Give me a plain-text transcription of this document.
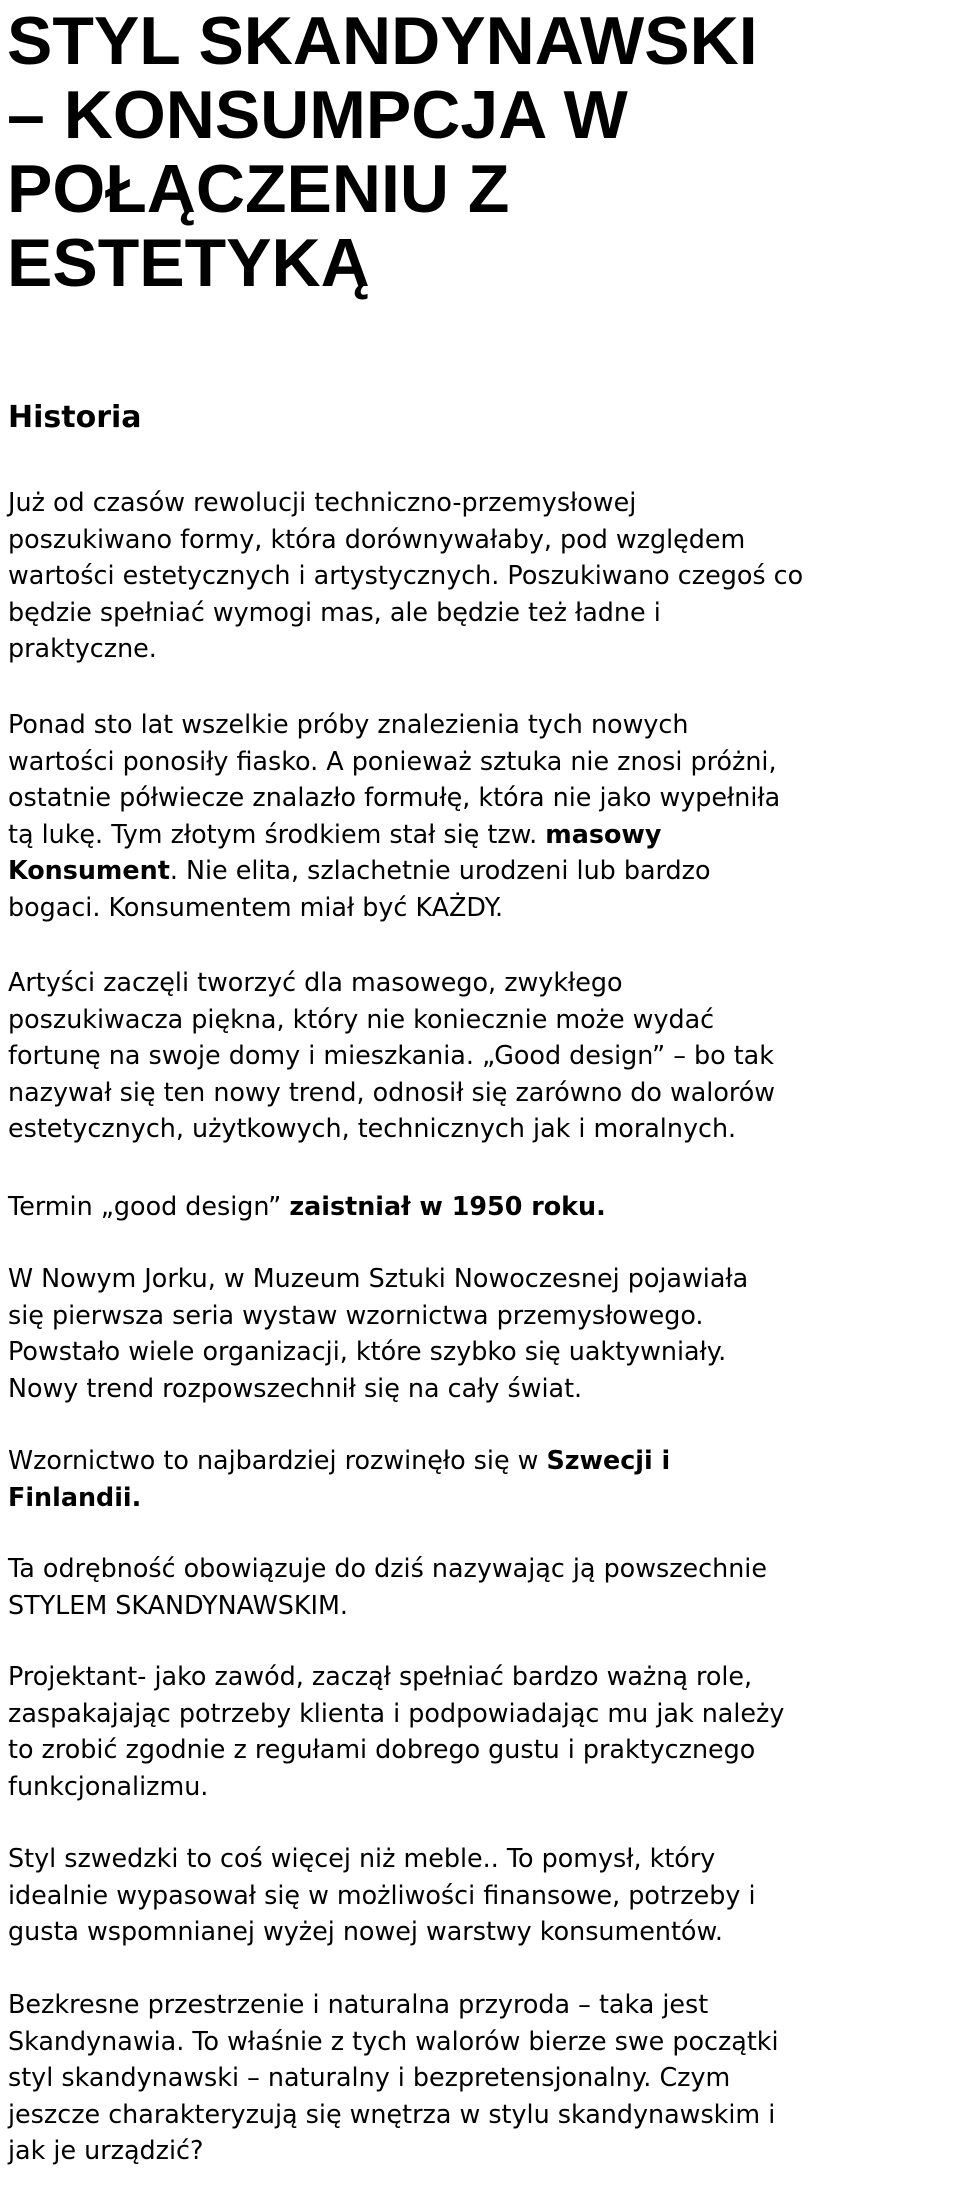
STYL SKANDYNAWSKI
– KONSUMPCJA W
POŁĄCZENIU Z
ESTETYKĄ
Historia

Już od czasów rewolucji techniczno-przemysłowej
poszukiwano formy, która dorównywałaby, pod względem
wartości estetycznych i artystycznych. Poszukiwano czegoś co
będzie spełniać wymogi mas, ale będzie też ładne i
praktyczne.

Ponad sto lat wszelkie próby znalezienia tych nowych
wartości ponosiły fiasko. A ponieważ sztuka nie znosi próżni,
ostatnie półwiecze znalazło formułę, która nie jako wypełniła
tą lukę. Tym złotym środkiem stał się tzw. masowy
Konsument. Nie elita, szlachetnie urodzeni lub bardzo
bogaci. Konsumentem miał być KAŻDY.

Artyści zaczęli tworzyć dla masowego, zwykłego
poszukiwacza piękna, który nie koniecznie może wydać
fortunę na swoje domy i mieszkania. „Good design” – bo tak
nazywał się ten nowy trend, odnosił się zarówno do walorów
estetycznych, użytkowych, technicznych jak i moralnych.

Termin „good design” zaistniał w 1950 roku.

W Nowym Jorku, w Muzeum Sztuki Nowoczesnej pojawiała
się pierwsza seria wystaw wzornictwa przemysłowego.
Powstało wiele organizacji, które szybko się uaktywniały.
Nowy trend rozpowszechnił się na cały świat.

Wzornictwo to najbardziej rozwinęło się w Szwecji i
Finlandii.

Ta odrębność obowiązuje do dziś nazywając ją powszechnie
STYLEM SKANDYNAWSKIM.

Projektant- jako zawód, zaczął spełniać bardzo ważną role,
zaspakajając potrzeby klienta i podpowiadając mu jak należy
to zrobić zgodnie z regułami dobrego gustu i praktycznego
funkcjonalizmu.

Styl szwedzki to coś więcej niż meble.. To pomysł, który
idealnie wypasował się w możliwości finansowe, potrzeby i
gusta wspomnianej wyżej nowej warstwy konsumentów.

Bezkresne przestrzenie i naturalna przyroda – taka jest
Skandynawia. To właśnie z tych walorów bierze swe początki
styl skandynawski – naturalny i bezpretensjonalny. Czym
jeszcze charakteryzują się wnętrza w stylu skandynawskim i
jak je urządzić?
